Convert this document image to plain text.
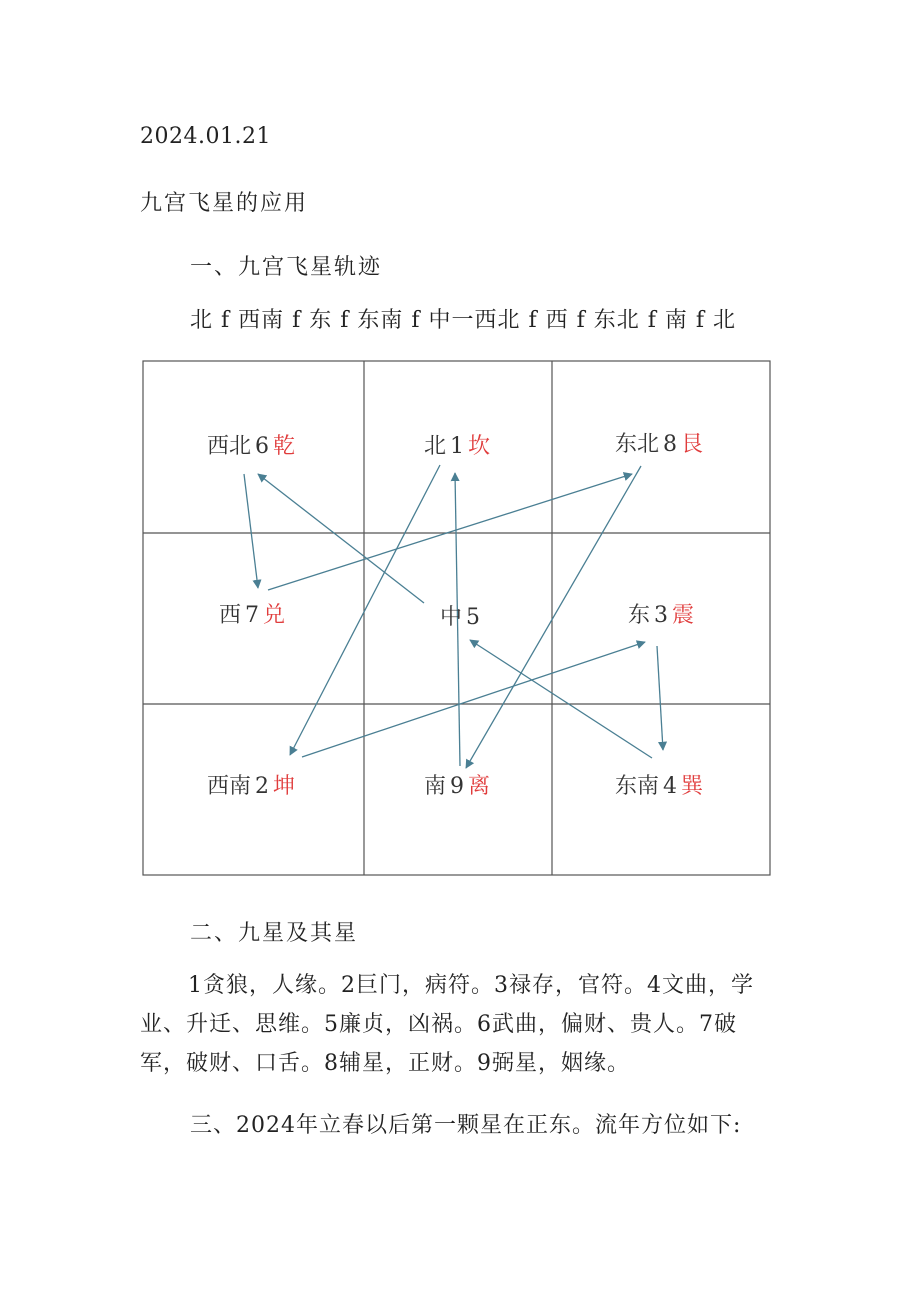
2024.01.21
九宫飞星的应用
一、九宫飞星轨迹
北 f 西南 f 东 f 东南 f 中一西北 f 西 f 东北 f 南 f 北
西北 6 乾	北 1 坎	东北 8 艮
西 7 兑	中 5	东 3 震
西南 2 坤	南 9 离	东南 4 巽
二、九星及其星
1贪狼，人缘。2巨门，病符。3禄存，官符。4文曲，学业、升迁、思维。5廉贞，凶祸。6武曲，偏财、贵人。7破军，破财、口舌。8辅星，正财。9弼星，姻缘。
三、2024年立春以后第一颗星在正东。流年方位如下:
